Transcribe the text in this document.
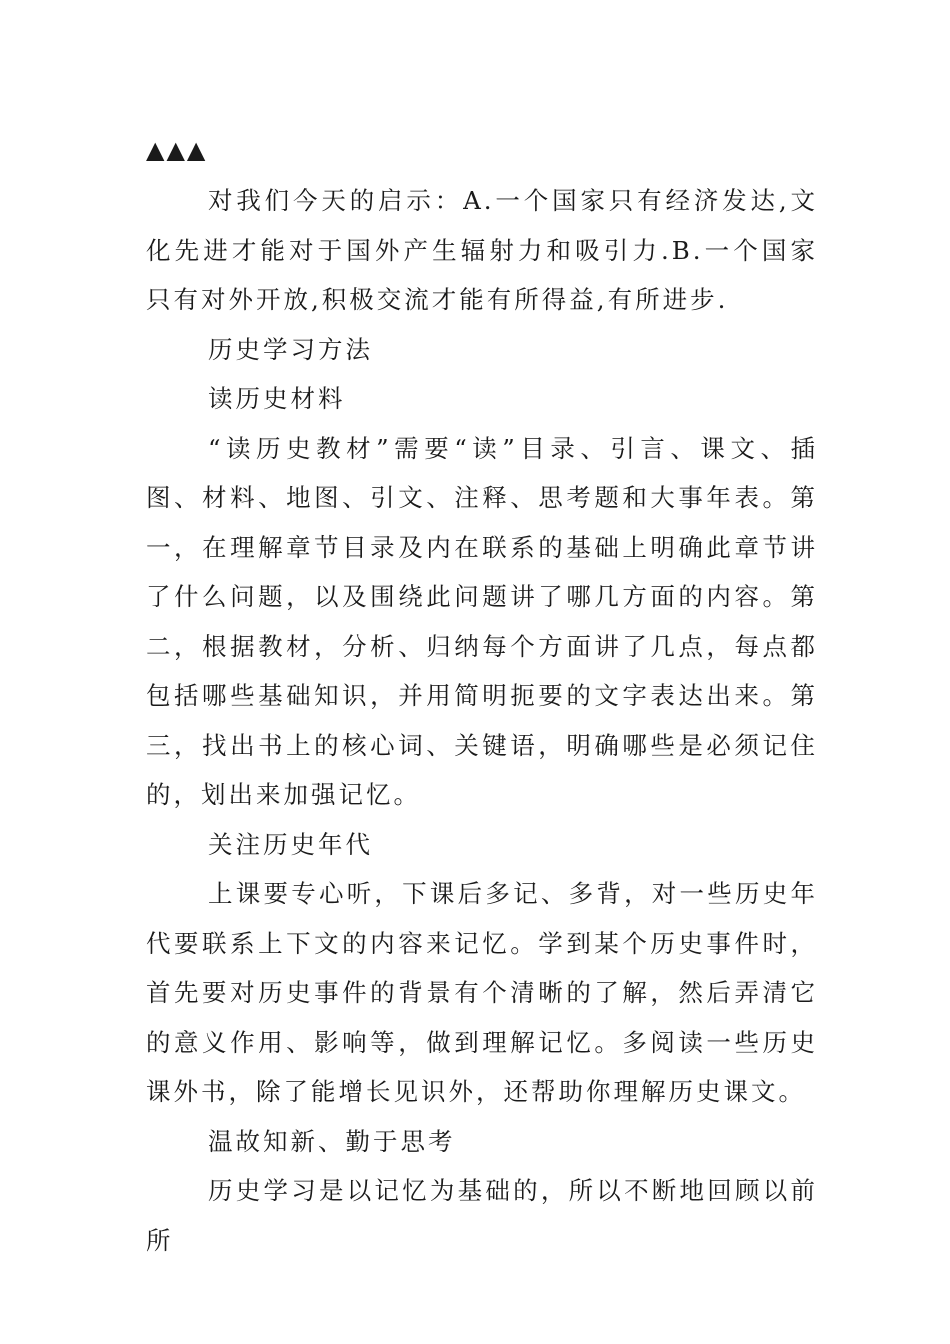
▲▲▲

对我们今天的启示：A.一个国家只有经济发达,文化先进才能对于国外产生辐射力和吸引力.B.一个国家只有对外开放,积极交流才能有所得益,有所进步.

历史学习方法

读历史材料

“读历史教材”需要“读”目录、引言、课文、插图、材料、地图、引文、注释、思考题和大事年表。第一，在理解章节目录及内在联系的基础上明确此章节讲了什么问题，以及围绕此问题讲了哪几方面的内容。第二，根据教材，分析、归纳每个方面讲了几点，每点都包括哪些基础知识，并用简明扼要的文字表达出来。第三，找出书上的核心词、关键语，明确哪些是必须记住的，划出来加强记忆。

关注历史年代

上课要专心听，下课后多记、多背，对一些历史年代要联系上下文的内容来记忆。学到某个历史事件时，首先要对历史事件的背景有个清晰的了解，然后弄清它的意义作用、影响等，做到理解记忆。多阅读一些历史课外书，除了能增长见识外，还帮助你理解历史课文。

温故知新、勤于思考

历史学习是以记忆为基础的，所以不断地回顾以前所
